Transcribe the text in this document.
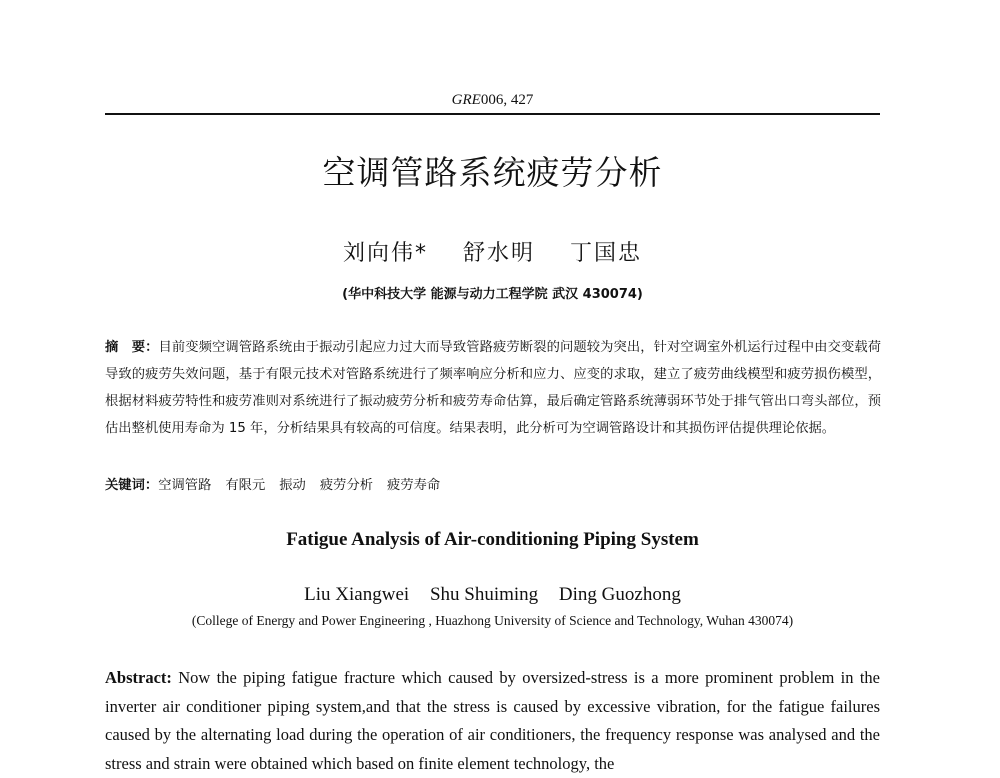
GRE006, 427
空调管路系统疲劳分析
刘向伟* 舒水明 丁国忠
(华中科技大学 能源与动力工程学院 武汉 430074)
摘　要：目前变频空调管路系统由于振动引起应力过大而导致管路疲劳断裂的问题较为突出，针对空调室外机运行过程中由交变载荷导致的疲劳失效问题，基于有限元技术对管路系统进行了频率响应分析和应力、应变的求取，建立了疲劳曲线模型和疲劳损伤模型，根据材料疲劳特性和疲劳准则对系统进行了振动疲劳分析和疲劳寿命估算，最后确定管路系统薄弱环节处于排气管出口弯头部位，预估出整机使用寿命为 15 年，分析结果具有较高的可信度。结果表明，此分析可为空调管路设计和其损伤评估提供理论依据。
关键词：空调管路 有限元 振动 疲劳分析 疲劳寿命
Fatigue Analysis of Air-conditioning Piping System
Liu Xiangwei Shu Shuiming Ding Guozhong
(College of Energy and Power Engineering , Huazhong University of Science and Technology, Wuhan 430074)
Abstract: Now the piping fatigue fracture which caused by oversized-stress is a more prominent problem in the inverter air conditioner piping system,and that the stress is caused by excessive vibration, for the fatigue failures caused by the alternating load during the operation of air conditioners, the frequency response was analysed and the stress and strain were obtained which based on finite element technology, the
